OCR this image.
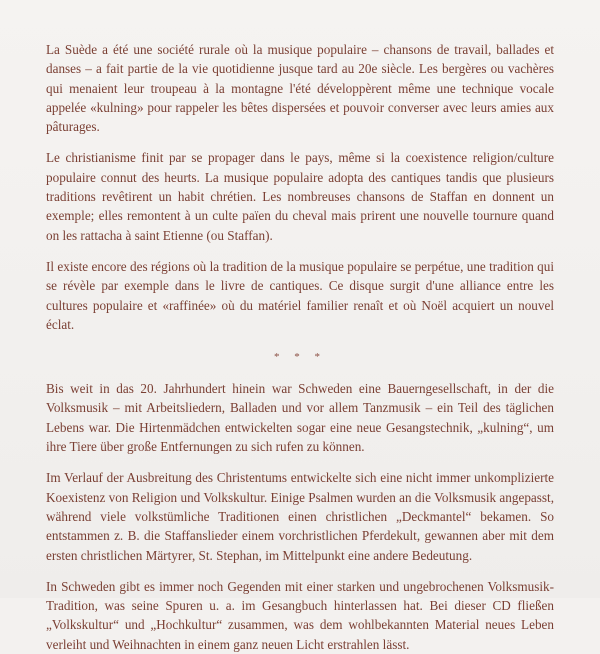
La Suède a été une société rurale où la musique populaire – chansons de travail, ballades et danses – a fait partie de la vie quotidienne jusque tard au 20e siècle. Les bergères ou vachères qui menaient leur troupeau à la montagne l'été développèrent même une technique vocale appelée «kulning» pour rappeler les bêtes dispersées et pouvoir converser avec leurs amies aux pâturages.

Le christianisme finit par se propager dans le pays, même si la coexistence religion/culture populaire connut des heurts. La musique populaire adopta des cantiques tandis que plusieurs traditions revêtirent un habit chrétien. Les nombreuses chansons de Staffan en donnent un exemple; elles remontent à un culte païen du cheval mais prirent une nouvelle tournure quand on les rattacha à saint Etienne (ou Staffan).

Il existe encore des régions où la tradition de la musique populaire se perpétue, une tradition qui se révèle par exemple dans le livre de cantiques. Ce disque surgit d'une alliance entre les cultures populaire et «raffinée» où du matériel familier renaît et où Noël acquiert un nouvel éclat.

* * *

Bis weit in das 20. Jahrhundert hinein war Schweden eine Bauerngesellschaft, in der die Volksmusik – mit Arbeitsliedern, Balladen und vor allem Tanzmusik – ein Teil des täglichen Lebens war. Die Hirtenmädchen entwickelten sogar eine neue Gesangstechnik, „kulning“, um ihre Tiere über große Entfernungen zu sich rufen zu können.

Im Verlauf der Ausbreitung des Christentums entwickelte sich eine nicht immer unkomplizierte Koexistenz von Religion und Volkskultur. Einige Psalmen wurden an die Volksmusik angepasst, während viele volkstümliche Traditionen einen christlichen „Deckmantel“ bekamen. So entstammen z. B. die Staffanslieder einem vorchristlichen Pferdekult, gewannen aber mit dem ersten christlichen Märtyrer, St. Stephan, im Mittelpunkt eine andere Bedeutung.

In Schweden gibt es immer noch Gegenden mit einer starken und ungebrochenen Volksmusik-Tradition, was seine Spuren u. a. im Gesangbuch hinterlassen hat. Bei dieser CD fließen „Volkskultur“ und „Hochkultur“ zusammen, was dem wohlbekannten Material neues Leben verleiht und Weihnachten in einem ganz neuen Licht erstrahlen lässt.
